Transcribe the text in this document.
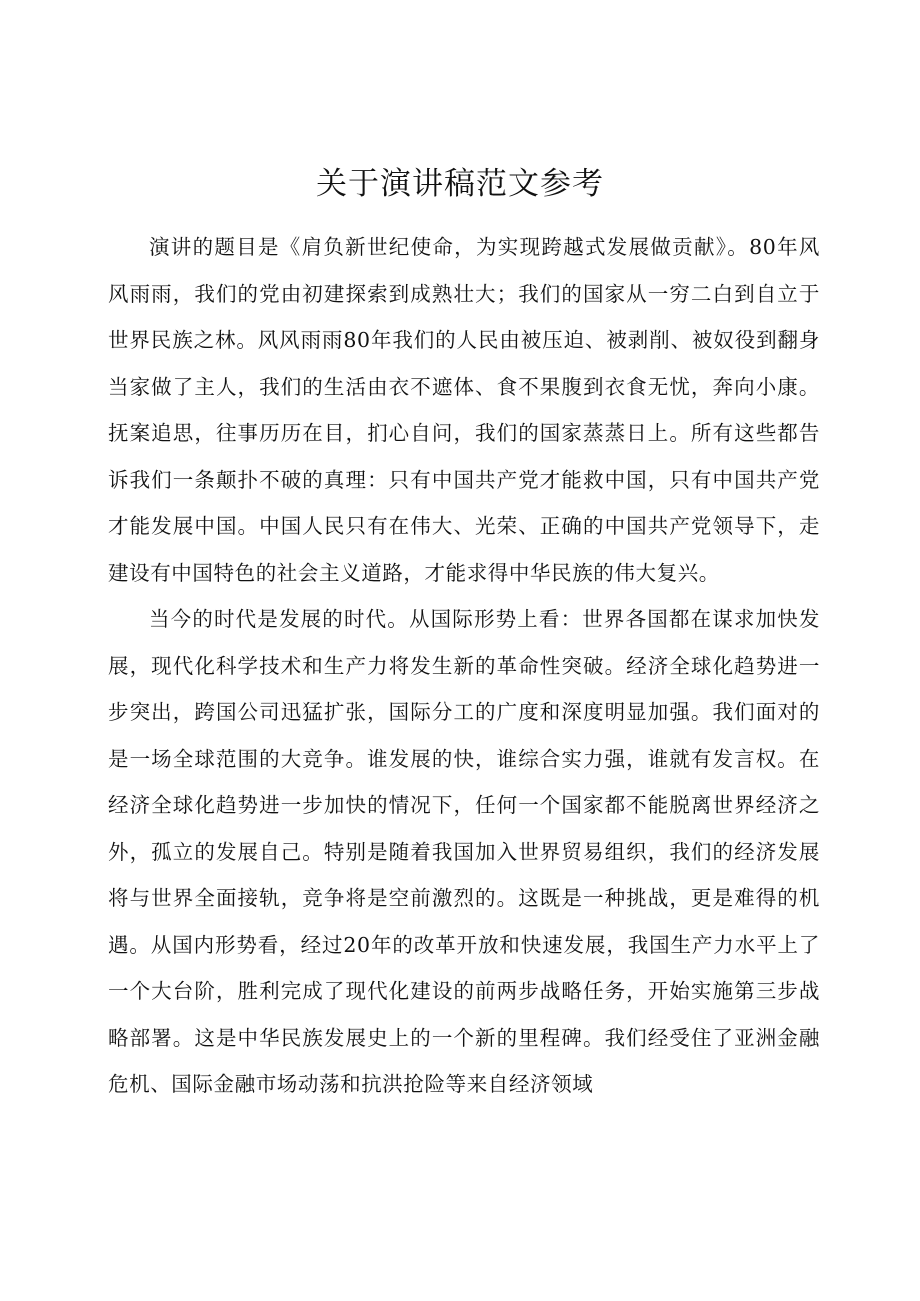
关于演讲稿范文参考

演讲的题目是《肩负新世纪使命，为实现跨越式发展做贡献》。80年风风雨雨，我们的党由初建探索到成熟壮大；我们的国家从一穷二白到自立于世界民族之林。风风雨雨80年我们的人民由被压迫、被剥削、被奴役到翻身当家做了主人，我们的生活由衣不遮体、食不果腹到衣食无忧，奔向小康。抚案追思，往事历历在目，扪心自问，我们的国家蒸蒸日上。所有这些都告诉我们一条颠扑不破的真理：只有中国共产党才能救中国，只有中国共产党才能发展中国。中国人民只有在伟大、光荣、正确的中国共产党领导下，走建设有中国特色的社会主义道路，才能求得中华民族的伟大复兴。

当今的时代是发展的时代。从国际形势上看：世界各国都在谋求加快发展，现代化科学技术和生产力将发生新的革命性突破。经济全球化趋势进一步突出，跨国公司迅猛扩张，国际分工的广度和深度明显加强。我们面对的是一场全球范围的大竞争。谁发展的快，谁综合实力强，谁就有发言权。在经济全球化趋势进一步加快的情况下，任何一个国家都不能脱离世界经济之外，孤立的发展自己。特别是随着我国加入世界贸易组织，我们的经济发展将与世界全面接轨，竞争将是空前激烈的。这既是一种挑战，更是难得的机遇。从国内形势看，经过20年的改革开放和快速发展，我国生产力水平上了一个大台阶，胜利完成了现代化建设的前两步战略任务，开始实施第三步战略部署。这是中华民族发展史上的一个新的里程碑。我们经受住了亚洲金融危机、国际金融市场动荡和抗洪抢险等来自经济领域
